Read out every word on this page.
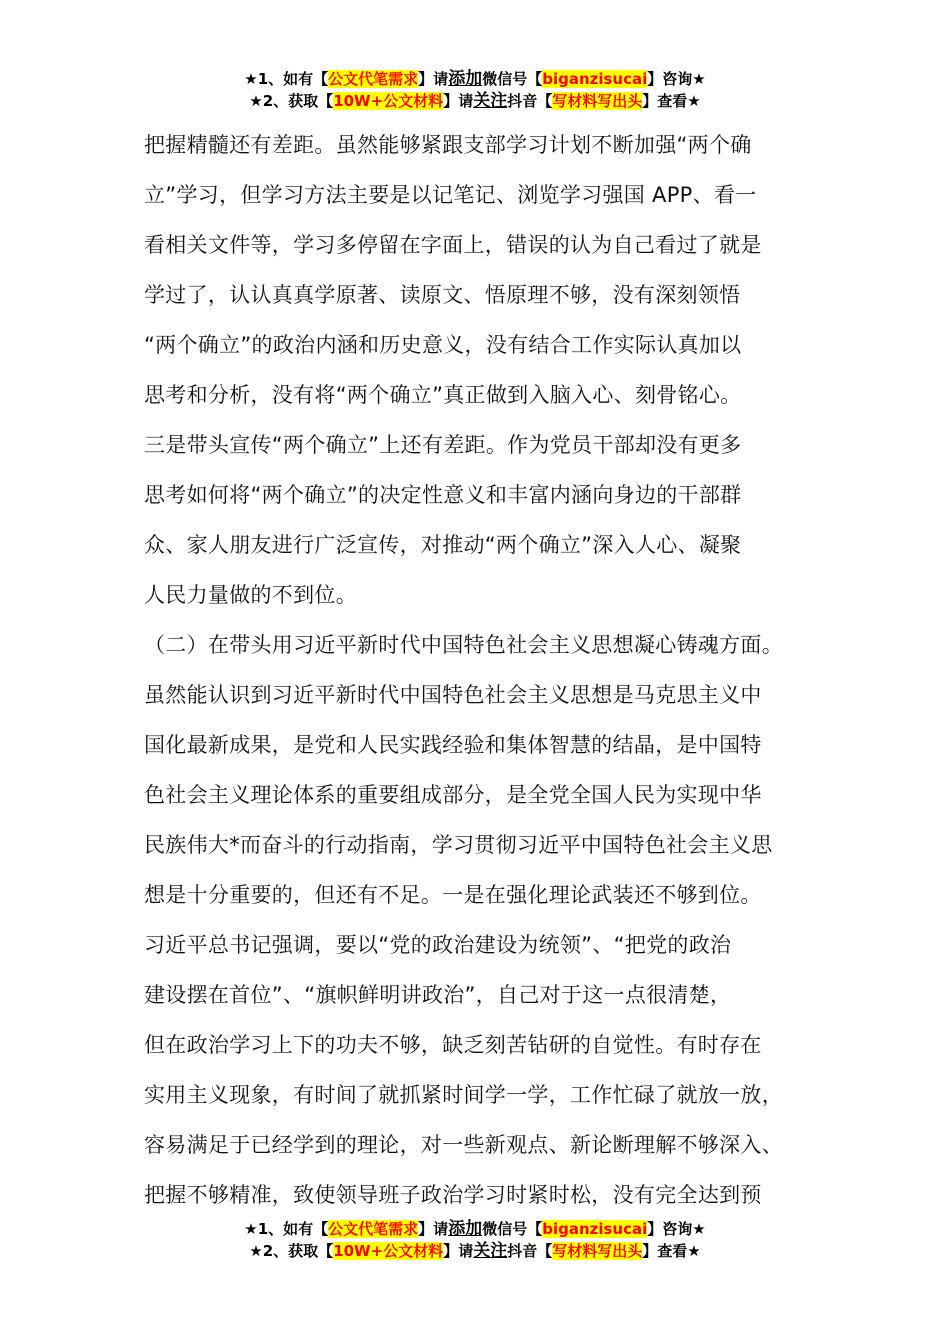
★1、如有【公文代笔需求】请添加微信号【biganzisucai】咨询★
★2、获取【10W+公文材料】请关注抖音【写材料写出头】查看★
把握精髓还有差距。虽然能够紧跟支部学习计划不断加强“两个确
立”学习，但学习方法主要是以记笔记、浏览学习强国 APP、看一
看相关文件等，学习多停留在字面上，错误的认为自己看过了就是
学过了，认认真真学原著、读原文、悟原理不够，没有深刻领悟
“两个确立”的政治内涵和历史意义，没有结合工作实际认真加以
思考和分析，没有将“两个确立”真正做到入脑入心、刻骨铭心。
三是带头宣传“两个确立”上还有差距。作为党员干部却没有更多
思考如何将“两个确立”的决定性意义和丰富内涵向身边的干部群
众、家人朋友进行广泛宣传，对推动“两个确立”深入人心、凝聚
人民力量做的不到位。
（二）在带头用习近平新时代中国特色社会主义思想凝心铸魂方面。
虽然能认识到习近平新时代中国特色社会主义思想是马克思主义中
国化最新成果，是党和人民实践经验和集体智慧的结晶，是中国特
色社会主义理论体系的重要组成部分，是全党全国人民为实现中华
民族伟大*而奋斗的行动指南，学习贯彻习近平中国特色社会主义思
想是十分重要的，但还有不足。一是在强化理论武装还不够到位。
习近平总书记强调，要以“党的政治建设为统领”、“把党的政治
建设摆在首位”、“旗帜鲜明讲政治”，自己对于这一点很清楚，
但在政治学习上下的功夫不够，缺乏刻苦钻研的自觉性。有时存在
实用主义现象，有时间了就抓紧时间学一学，工作忙碌了就放一放，
容易满足于已经学到的理论，对一些新观点、新论断理解不够深入、
把握不够精准，致使领导班子政治学习时紧时松，没有完全达到预
★1、如有【公文代笔需求】请添加微信号【biganzisucai】咨询★
★2、获取【10W+公文材料】请关注抖音【写材料写出头】查看★
